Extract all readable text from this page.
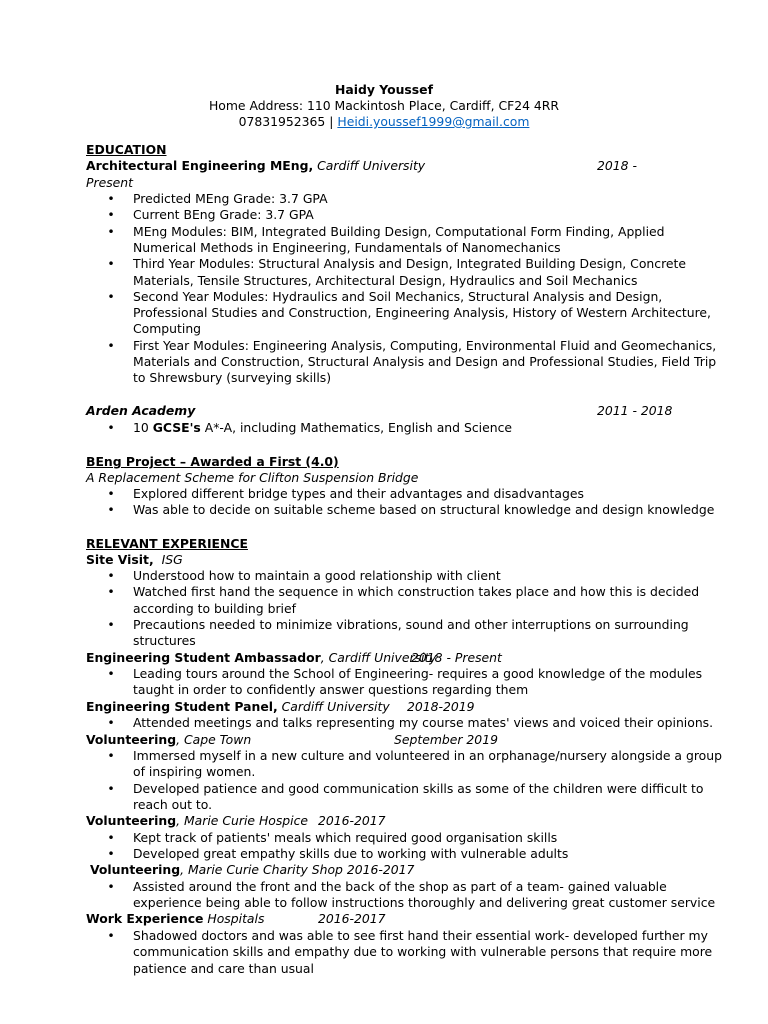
Haidy Youssef
Home Address: 110 Mackintosh Place, Cardiff, CF24 4RR
07831952365 | Heidi.youssef1999@gmail.com
EDUCATION
Architectural Engineering MEng, Cardiff University	2018 -
Present
• Predicted MEng Grade: 3.7 GPA
• Current BEng Grade: 3.7 GPA
• MEng Modules: BIM, Integrated Building Design, Computational Form Finding, Applied
Numerical Methods in Engineering, Fundamentals of Nanomechanics
• Third Year Modules: Structural Analysis and Design, Integrated Building Design, Concrete
Materials, Tensile Structures, Architectural Design, Hydraulics and Soil Mechanics
• Second Year Modules: Hydraulics and Soil Mechanics, Structural Analysis and Design,
Professional Studies and Construction, Engineering Analysis, History of Western Architecture,
Computing
• First Year Modules: Engineering Analysis, Computing, Environmental Fluid and Geomechanics,
Materials and Construction, Structural Analysis and Design and Professional Studies, Field Trip
to Shrewsbury (surveying skills)
Arden Academy	2011 - 2018
• 10 GCSE's A*-A, including Mathematics, English and Science
BEng Project – Awarded a First (4.0)
A Replacement Scheme for Clifton Suspension Bridge
• Explored different bridge types and their advantages and disadvantages
• Was able to decide on suitable scheme based on structural knowledge and design knowledge
RELEVANT EXPERIENCE
Site Visit, ISG
• Understood how to maintain a good relationship with client
• Watched first hand the sequence in which construction takes place and how this is decided
according to building brief
• Precautions needed to minimize vibrations, sound and other interruptions on surrounding
structures
Engineering Student Ambassador, Cardiff University
2018 - Present
• Leading tours around the School of Engineering- requires a good knowledge of the modules
taught in order to confidently answer questions regarding them
Engineering Student Panel, Cardiff University 2018-2019
• Attended meetings and talks representing my course mates' views and voiced their opinions.
Volunteering, Cape Town	September 2019
• Immersed myself in a new culture and volunteered in an orphanage/nursery alongside a group
of inspiring women.
• Developed patience and good communication skills as some of the children were difficult to
reach out to.
Volunteering, Marie Curie Hospice 2016-2017
• Kept track of patients' meals which required good organisation skills
• Developed great empathy skills due to working with vulnerable adults
Volunteering, Marie Curie Charity Shop 2016-2017
• Assisted around the front and the back of the shop as part of a team- gained valuable
experience being able to follow instructions thoroughly and delivering great customer service
Work Experience Hospitals	2016-2017
• Shadowed doctors and was able to see first hand their essential work- developed further my
communication skills and empathy due to working with vulnerable persons that require more
patience and care than usual
